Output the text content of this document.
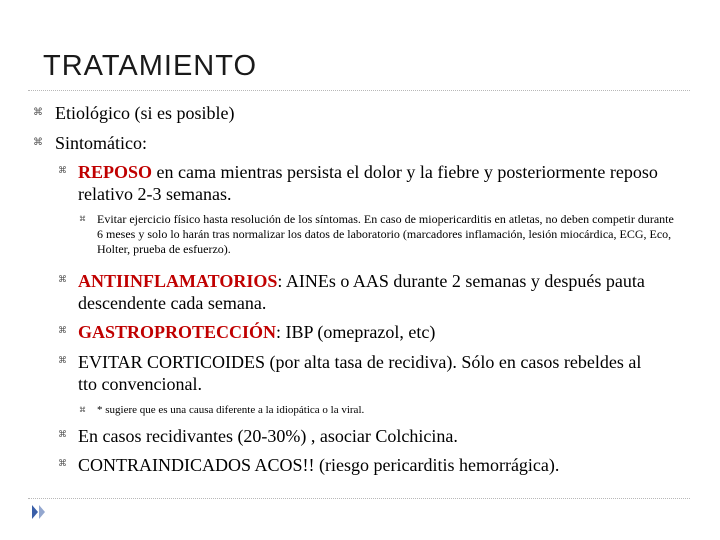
TRATAMIENTO
⌘ Etiológico (si es posible)
⌘ Sintomático:
⌘ REPOSO en cama mientras persista el dolor y la fiebre y posteriormente reposo relativo 2-3 semanas.
⌘ Evitar ejercicio físico hasta resolución de los síntomas. En caso de miopericarditis en atletas, no deben competir durante 6 meses y solo lo harán tras normalizar los datos de laboratorio (marcadores inflamación, lesión miocárdica, ECG, Eco, Holter, prueba de esfuerzo).
⌘ ANTIINFLAMATORIOS: AINEs o AAS durante 2 semanas y después pauta descendente cada semana.
⌘ GASTROPROTECCIÓN: IBP (omeprazol, etc)
⌘ EVITAR CORTICOIDES (por alta tasa de recidiva). Sólo en casos rebeldes al tto convencional.
⌘	* sugiere que es una causa diferente a la idiopática o la viral.
⌘ En casos recidivantes (20-30%) , asociar Colchicina.
⌘ CONTRAINDICADOS ACOS!! (riesgo pericarditis hemorrágica).
